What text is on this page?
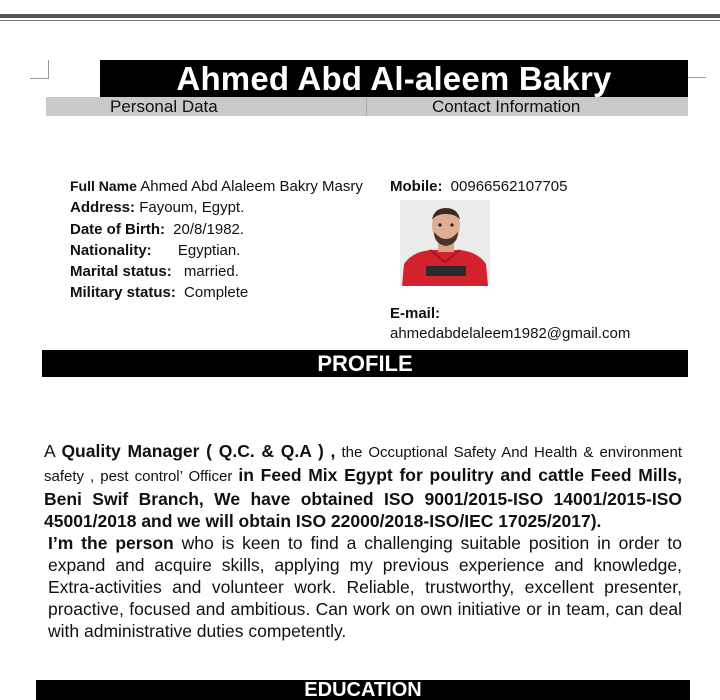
Ahmed Abd Al-aleem Bakry
Personal Data	Contact Information
Full Name Ahmed Abd Alaleem Bakry Masry
Address: Fayoum, Egypt.
Date of Birth: 20/8/1982.
Nationality: Egyptian.
Marital status: married.
Military status: Complete
Mobile: 00966562107705
E-mail:
ahmedabdelaleem1982@gmail.com
PROFILE
A Quality Manager ( Q.C. & Q.A ) , the Occuptional Safety And Health & environment safety , pest control’ Officer in Feed Mix Egypt for poulitry and cattle Feed Mills, Beni Swif Branch, We have obtained ISO 9001/2015-ISO 14001/2015-ISO 45001/2018 and we will obtain ISO 22000/2018-ISO/IEC 17025/2017).
I’m the person who is keen to find a challenging suitable position in order to expand and acquire skills, applying my previous experience and knowledge, Extra-activities and volunteer work. Reliable, trustworthy, excellent presenter, proactive, focused and ambitious. Can work on own initiative or in team, can deal with administrative duties competently.
EDUCATION
